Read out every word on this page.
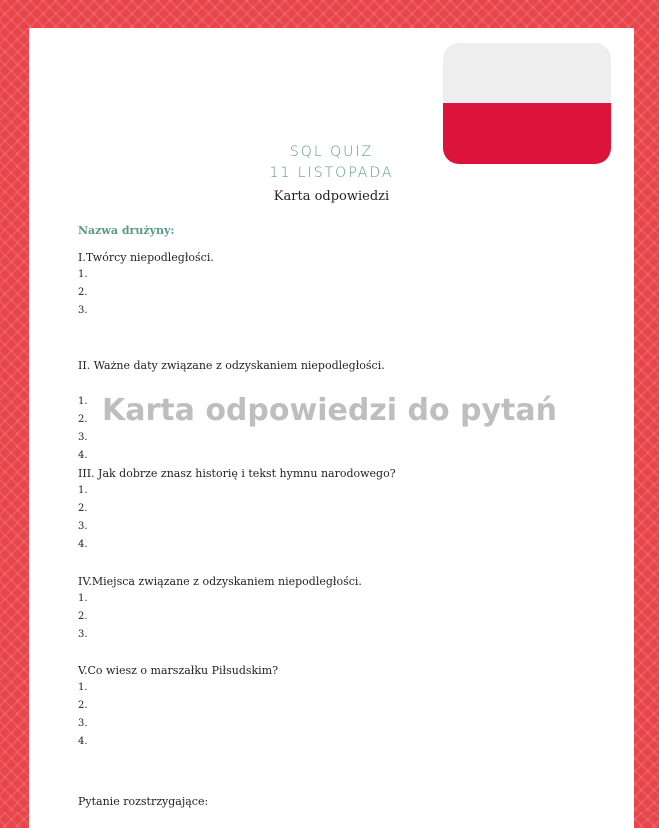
SQL QUIZ
11 LISTOPADA
Karta odpowiedzi
Nazwa drużyny:

I.Twórcy niepodległości.

1.

2.

3.

II. Ważne daty związane z odzyskaniem niepodległości.

1.

2.

3.

4.

III. Jak dobrze znasz historię i tekst hymnu narodowego?

1.

2.

3.

4.

IV.Miejsca związane z odzyskaniem niepodległości.

1.

2.

3.

V.Co wiesz o marszałku Piłsudskim?

1.

2.

3.

4.

Pytanie rozstrzygające:
Karta odpowiedzi do pytań
